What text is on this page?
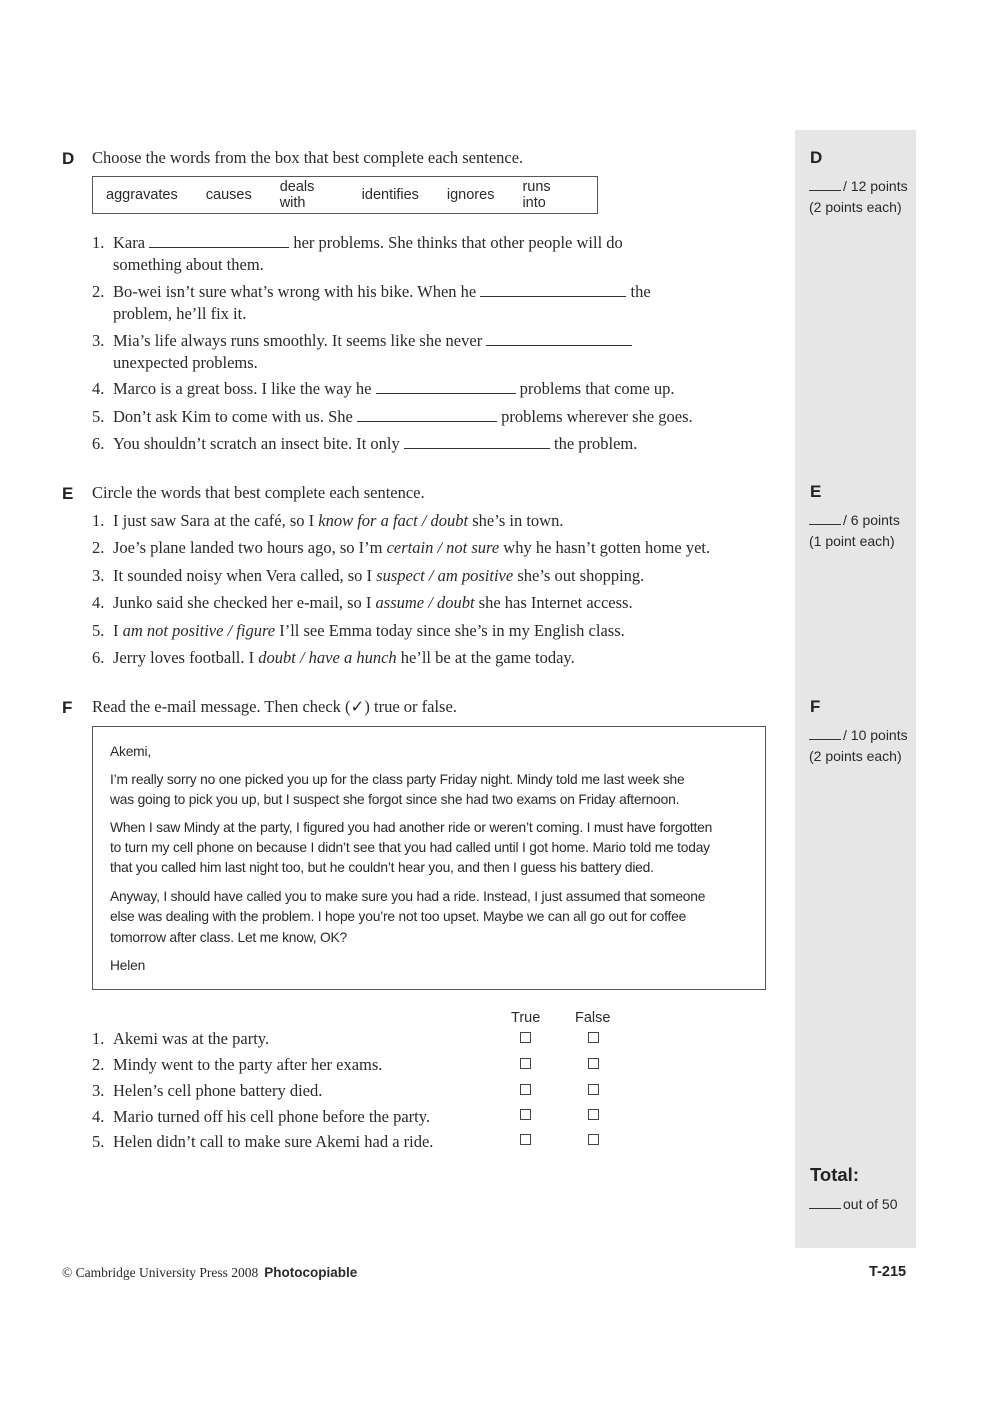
D
/ 12 points
(2 points each)
E
/ 6 points
(1 point each)
F
/ 10 points
(2 points each)
Total:
out of 50
D Choose the words from the box that best complete each sentence.
aggravates causes deals with	identifies ignores runs into
1. Kara	her problems. She thinks that other people will do
something about them.
2. Bo-wei isn’t sure what’s wrong with his bike. When he	the
problem, he’ll fix it.
3. Mia’s life always runs smoothly. It seems like she never
unexpected problems.
4. Marco is a great boss. I like the way he	problems that come up.
5. Don’t ask Kim to come with us. She	problems wherever she goes.
6. You shouldn’t scratch an insect bite. It only	the problem.
E Circle the words that best complete each sentence.
1. I just saw Sara at the café, so I know for a fact / doubt she’s in town.
2. Joe’s plane landed two hours ago, so I’m certain / not sure why he hasn’t gotten home yet.
3. It sounded noisy when Vera called, so I suspect / am positive she’s out shopping.
4. Junko said she checked her e-mail, so I assume / doubt she has Internet access.
5. I am not positive / figure I’ll see Emma today since she’s in my English class.
6. Jerry loves football. I doubt / have a hunch he’ll be at the game today.
F Read the e-mail message. Then check (✓) true or false.
Akemi,
I’m really sorry no one picked you up for the class party Friday night. Mindy told me last week she
was going to pick you up, but I suspect she forgot since she had two exams on Friday afternoon.
When I saw Mindy at the party, I figured you had another ride or weren’t coming. I must have forgotten
to turn my cell phone on because I didn’t see that you had called until I got home. Mario told me today
that you called him last night too, but he couldn’t hear you, and then I guess his battery died.
Anyway, I should have called you to make sure you had a ride. Instead, I just assumed that someone
else was dealing with the problem. I hope you’re not too upset. Maybe we can all go out for coffee
tomorrow after class. Let me know, OK?
Helen
True False
1. Akemi was at the party.
2. Mindy went to the party after her exams.
3. Helen’s cell phone battery died.
4. Mario turned off his cell phone before the party.
5. Helen didn’t call to make sure Akemi had a ride.
© Cambridge University Press 2008 Photocopiable	T-215
